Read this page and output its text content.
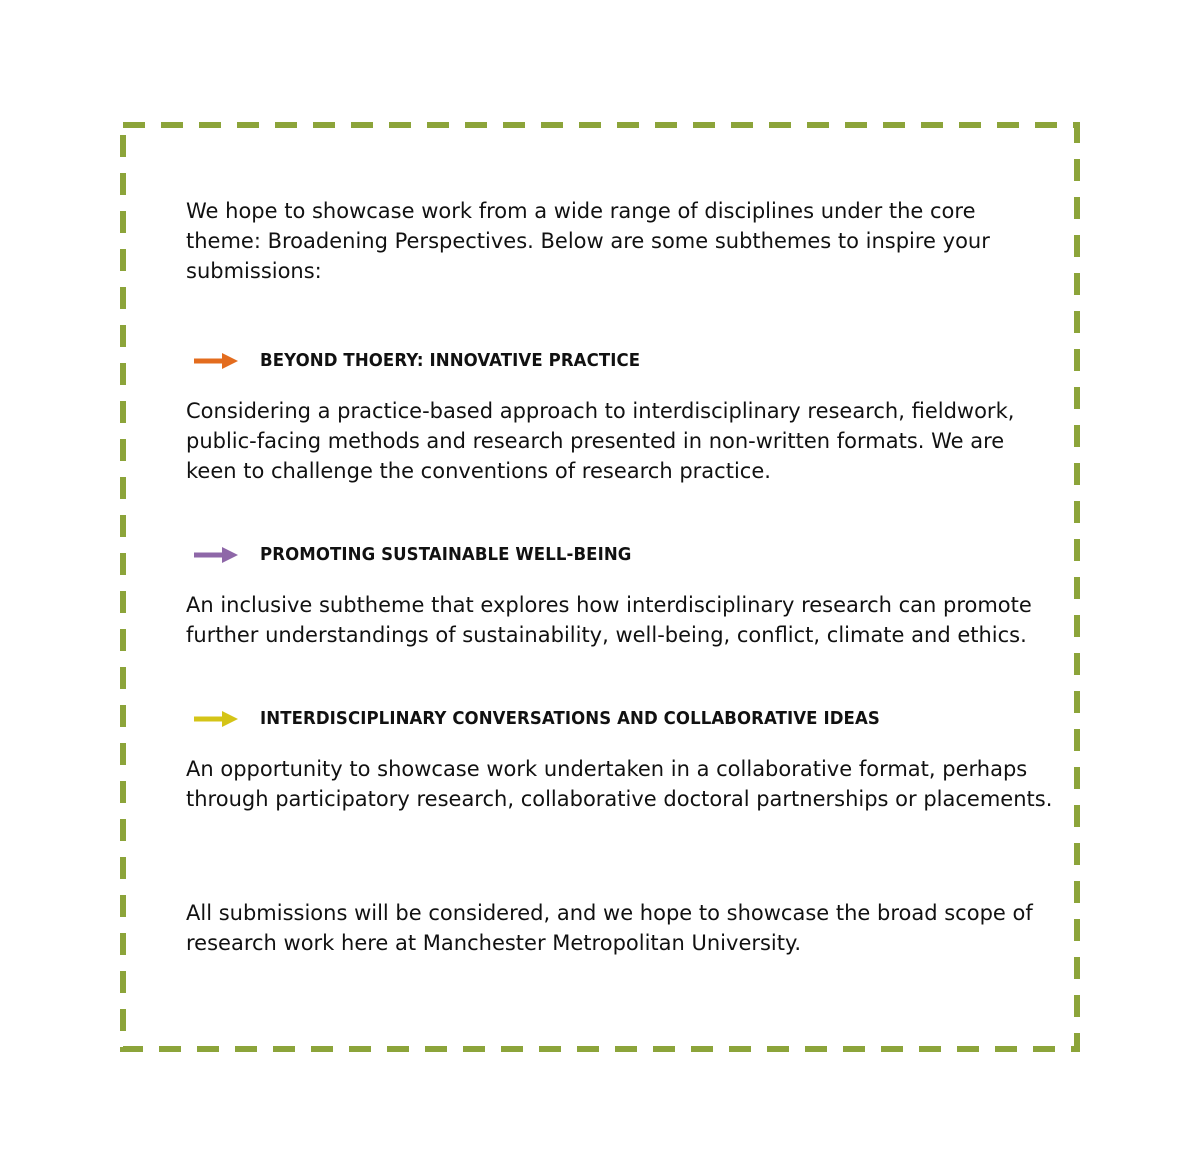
We hope to showcase work from a wide range of disciplines under the core theme: Broadening Perspectives. Below are some subthemes to inspire your submissions:

BEYOND THOERY: INNOVATIVE PRACTICE

Considering a practice-based approach to interdisciplinary research, fieldwork, public-facing methods and research presented in non-written formats. We are keen to challenge the conventions of research practice.

PROMOTING SUSTAINABLE WELL-BEING

An inclusive subtheme that explores how interdisciplinary research can promote further understandings of sustainability, well-being, conflict, climate and ethics.

INTERDISCIPLINARY CONVERSATIONS AND COLLABORATIVE IDEAS

An opportunity to showcase work undertaken in a collaborative format, perhaps through participatory research, collaborative doctoral partnerships or placements.

All submissions will be considered, and we hope to showcase the broad scope of research work here at Manchester Metropolitan University.
